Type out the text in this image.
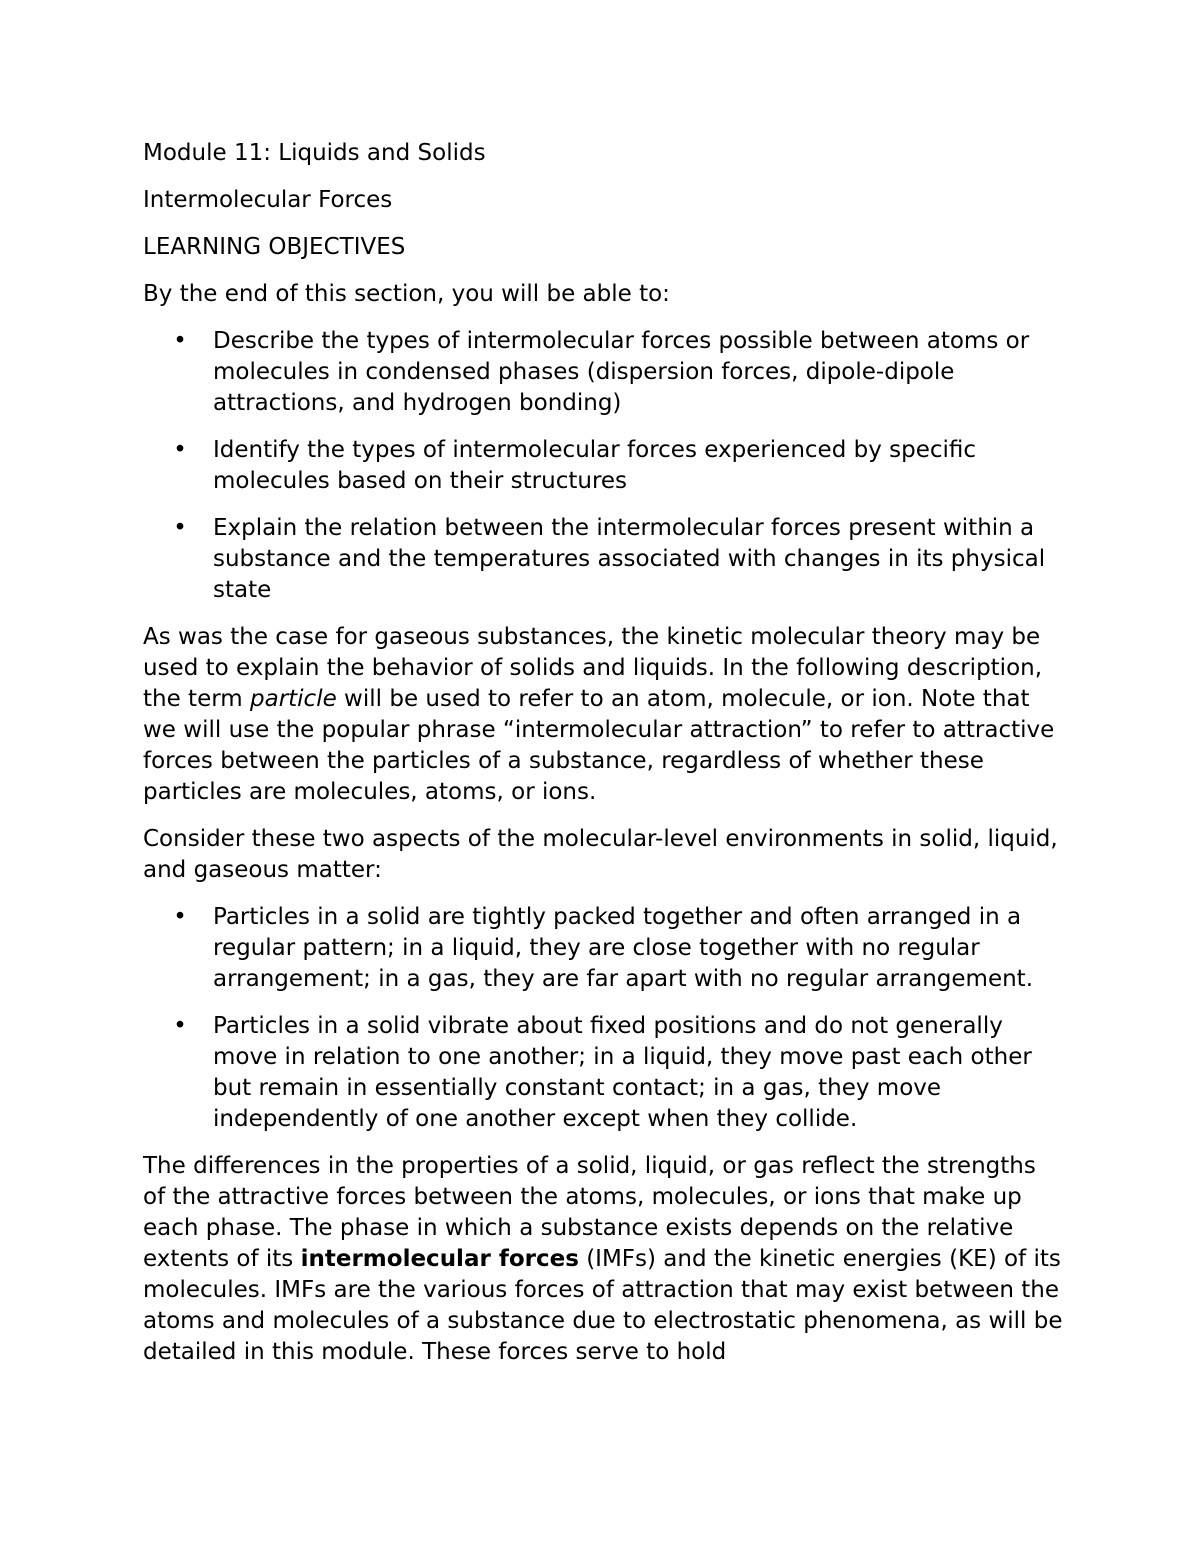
Module 11: Liquids and Solids

Intermolecular Forces

LEARNING OBJECTIVES

By the end of this section, you will be able to:

• Describe the types of intermolecular forces possible between atoms or molecules in condensed phases (dispersion forces, dipole-dipole attractions, and hydrogen bonding)
• Identify the types of intermolecular forces experienced by specific molecules based on their structures
• Explain the relation between the intermolecular forces present within a substance and the temperatures associated with changes in its physical state

As was the case for gaseous substances, the kinetic molecular theory may be used to explain the behavior of solids and liquids. In the following description, the term particle will be used to refer to an atom, molecule, or ion. Note that we will use the popular phrase “intermolecular attraction” to refer to attractive forces between the particles of a substance, regardless of whether these particles are molecules, atoms, or ions.

Consider these two aspects of the molecular-level environments in solid, liquid, and gaseous matter:

• Particles in a solid are tightly packed together and often arranged in a regular pattern; in a liquid, they are close together with no regular arrangement; in a gas, they are far apart with no regular arrangement.
• Particles in a solid vibrate about fixed positions and do not generally move in relation to one another; in a liquid, they move past each other but remain in essentially constant contact; in a gas, they move independently of one another except when they collide.

The differences in the properties of a solid, liquid, or gas reflect the strengths of the attractive forces between the atoms, molecules, or ions that make up each phase. The phase in which a substance exists depends on the relative extents of its intermolecular forces (IMFs) and the kinetic energies (KE) of its molecules. IMFs are the various forces of attraction that may exist between the atoms and molecules of a substance due to electrostatic phenomena, as will be detailed in this module. These forces serve to hold
